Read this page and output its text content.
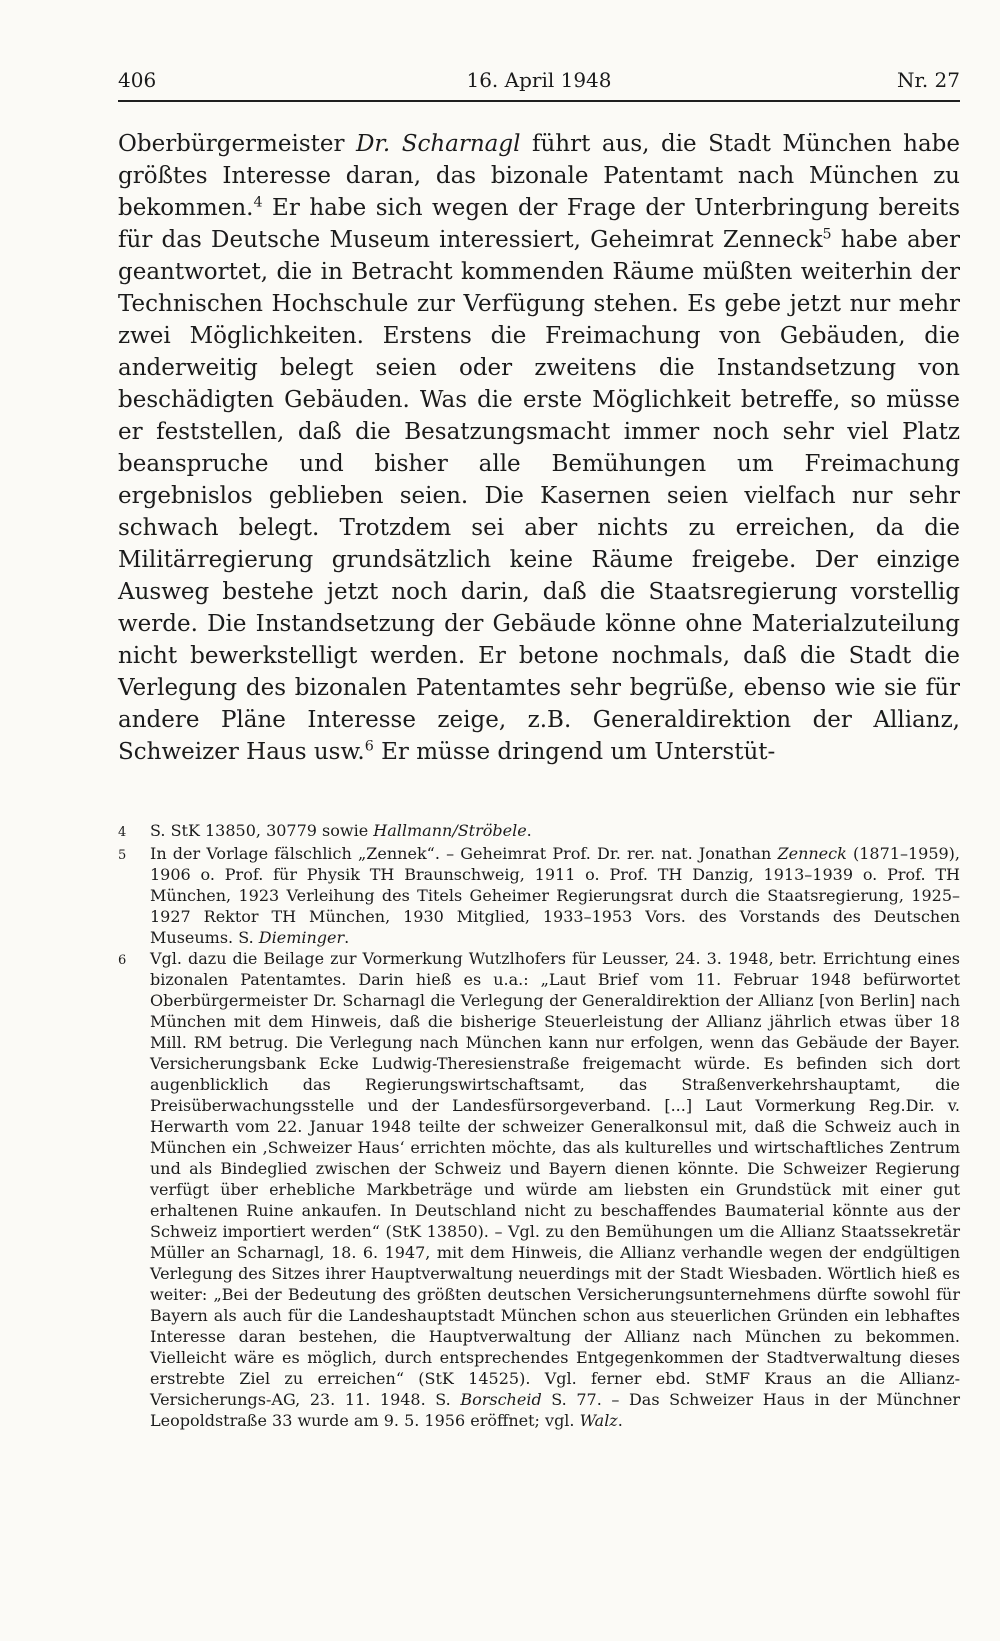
406	16. April 1948	Nr. 27

Oberbürgermeister Dr. Scharnagl führt aus, die Stadt München habe größtes Interesse daran, das bizonale Patentamt nach München zu bekommen.$^4$ Er habe sich wegen der Frage der Unterbringung bereits für das Deutsche Museum interessiert, Geheimrat Zenneck$^5$ habe aber geantwortet, die in Betracht kommenden Räume müßten weiterhin der Technischen Hochschule zur Verfügung stehen. Es gebe jetzt nur mehr zwei Möglichkeiten. Erstens die Freimachung von Gebäuden, die anderweitig belegt seien oder zweitens die Instandsetzung von beschädigten Gebäuden. Was die erste Möglichkeit betreffe, so müsse er feststellen, daß die Besatzungsmacht immer noch sehr viel Platz beanspruche und bisher alle Bemühungen um Freimachung ergebnislos geblieben seien. Die Kasernen seien vielfach nur sehr schwach belegt. Trotzdem sei aber nichts zu erreichen, da die Militärregierung grundsätzlich keine Räume freigebe. Der einzige Ausweg bestehe jetzt noch darin, daß die Staatsregierung vorstellig werde. Die Instandsetzung der Gebäude könne ohne Materialzuteilung nicht bewerkstelligt werden. Er betone nochmals, daß die Stadt die Verlegung des bizonalen Patentamtes sehr begrüße, ebenso wie sie für andere Pläne Interesse zeige, z.B. Generaldirektion der Allianz, Schweizer Haus usw.$^6$ Er müsse dringend um Unterstüt-

4	S. StK 13850, 30779 sowie Hallmann/Ströbele.
5	In der Vorlage fälschlich „Zennek“. – Geheimrat Prof. Dr. rer. nat. Jonathan Zenneck (1871–1959), 1906 o. Prof. für Physik TH Braunschweig, 1911 o. Prof. TH Danzig, 1913–1939 o. Prof. TH München, 1923 Verleihung des Titels Geheimer Regierungsrat durch die Staatsregierung, 1925–1927 Rektor TH München, 1930 Mitglied, 1933–1953 Vors. des Vorstands des Deutschen Museums. S. Dieminger.
6	Vgl. dazu die Beilage zur Vormerkung Wutzlhofers für Leusser, 24. 3. 1948, betr. Errichtung eines bizonalen Patentamtes. Darin hieß es u.a.: „Laut Brief vom 11. Februar 1948 befürwortet Oberbürgermeister Dr. Scharnagl die Verlegung der Generaldirektion der Allianz [von Berlin] nach München mit dem Hinweis, daß die bisherige Steuerleistung der Allianz jährlich etwas über 18 Mill. RM betrug. Die Verlegung nach München kann nur erfolgen, wenn das Gebäude der Bayer. Versicherungsbank Ecke Ludwig-Theresienstraße freigemacht würde. Es befinden sich dort augenblicklich das Regierungswirtschaftsamt, das Straßenverkehrshauptamt, die Preisüberwachungsstelle und der Landesfürsorgeverband. [...] Laut Vormerkung Reg.Dir. v. Herwarth vom 22. Januar 1948 teilte der schweizer Generalkonsul mit, daß die Schweiz auch in München ein ‚Schweizer Haus‘ errichten möchte, das als kulturelles und wirtschaftliches Zentrum und als Bindeglied zwischen der Schweiz und Bayern dienen könnte. Die Schweizer Regierung verfügt über erhebliche Markbeträge und würde am liebsten ein Grundstück mit einer gut erhaltenen Ruine ankaufen. In Deutschland nicht zu beschaffendes Baumaterial könnte aus der Schweiz importiert werden“ (StK 13850). – Vgl. zu den Bemühungen um die Allianz Staatssekretär Müller an Scharnagl, 18. 6. 1947, mit dem Hinweis, die Allianz verhandle wegen der endgültigen Verlegung des Sitzes ihrer Hauptverwaltung neuerdings mit der Stadt Wiesbaden. Wörtlich hieß es weiter: „Bei der Bedeutung des größten deutschen Versicherungsunternehmens dürfte sowohl für Bayern als auch für die Landeshauptstadt München schon aus steuerlichen Gründen ein lebhaftes Interesse daran bestehen, die Hauptverwaltung der Allianz nach München zu bekommen. Vielleicht wäre es möglich, durch entsprechendes Entgegenkommen der Stadtverwaltung dieses erstrebte Ziel zu erreichen“ (StK 14525). Vgl. ferner ebd. StMF Kraus an die Allianz-Versicherungs-AG, 23. 11. 1948. S. Borscheid S. 77. – Das Schweizer Haus in der Münchner Leopoldstraße 33 wurde am 9. 5. 1956 eröffnet; vgl. Walz.
